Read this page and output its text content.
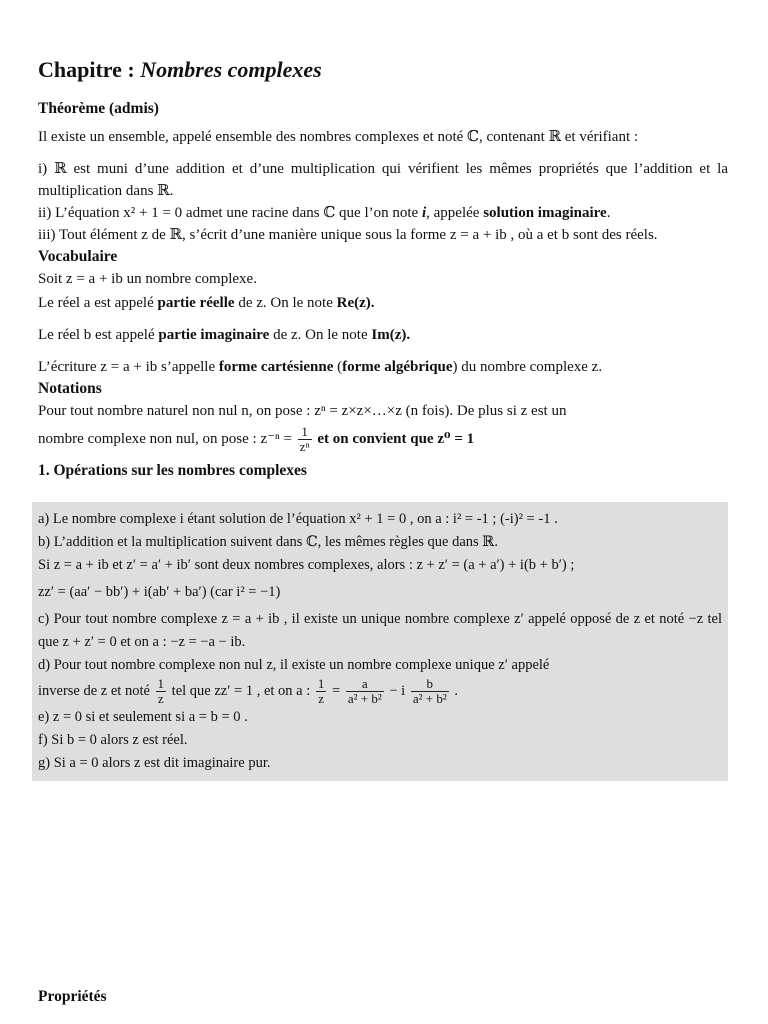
Chapitre : Nombres complexes
Théorème (admis)

Il existe un ensemble, appelé ensemble des nombres complexes et noté ℂ, contenant ℝ et vérifiant :

i) ℝ est muni d’une addition et d’une multiplication qui vérifient les mêmes propriétés que l’addition et la multiplication dans ℝ.

ii) L’équation x² + 1 = 0 admet une racine dans ℂ que l’on note i, appelée solution imaginaire.

iii) Tout élément z de ℝ, s’écrit d’une manière unique sous la forme z = a + ib , où a et b sont des réels.

Vocabulaire

Soit z = a + ib un nombre complexe.

Le réel a est appelé partie réelle de z. On le note Re(z).

Le réel b est appelé partie imaginaire de z. On le note Im(z).

L’écriture z = a + ib s’appelle forme cartésienne (forme algébrique) du nombre complexe z.

Notations

Pour tout nombre naturel non nul n, on pose : zⁿ = z×z×…×z (n fois). De plus si z est un

nombre complexe non nul, on pose : $z^{-n} = \frac{1}{\text{zⁿ}}$ et on convient que z⁰ = 1

1. Opérations sur les nombres complexes

a) Le nombre complexe i étant solution de l’équation x² + 1 = 0 , on a : i² = -1 ; (-i)² = -1 .

b) L’addition et la multiplication suivent dans ℂ, les mêmes règles que dans ℝ.

Si z = a + ib et z′ = a′ + ib′ sont deux nombres complexes, alors : z + z′ = (a + a′) + i(b + b′) ;

zz′ = (aa′ − bb′) + i(ab′ + ba′) (car i² = −1)

c) Pour tout nombre complexe z = a + ib , il existe un unique nombre complexe z′ appelé opposé de z et noté −z tel que z + z′ = 0 et on a : −z = −a − ib.

d) Pour tout nombre complexe non nul z, il existe un nombre complexe unique z′ appelé

inverse de z et noté $\frac{1}{z}$ tel que zz′ = 1 , et on a : $\frac{1}{z} = \frac{a}{\text{a² + b²}} - i \frac{b}{\text{a² + b²}}$ .

e) z = 0 si et seulement si a = b = 0 .

f) Si b = 0 alors z est réel.

g) Si a = 0 alors z est dit imaginaire pur.

Propriétés
